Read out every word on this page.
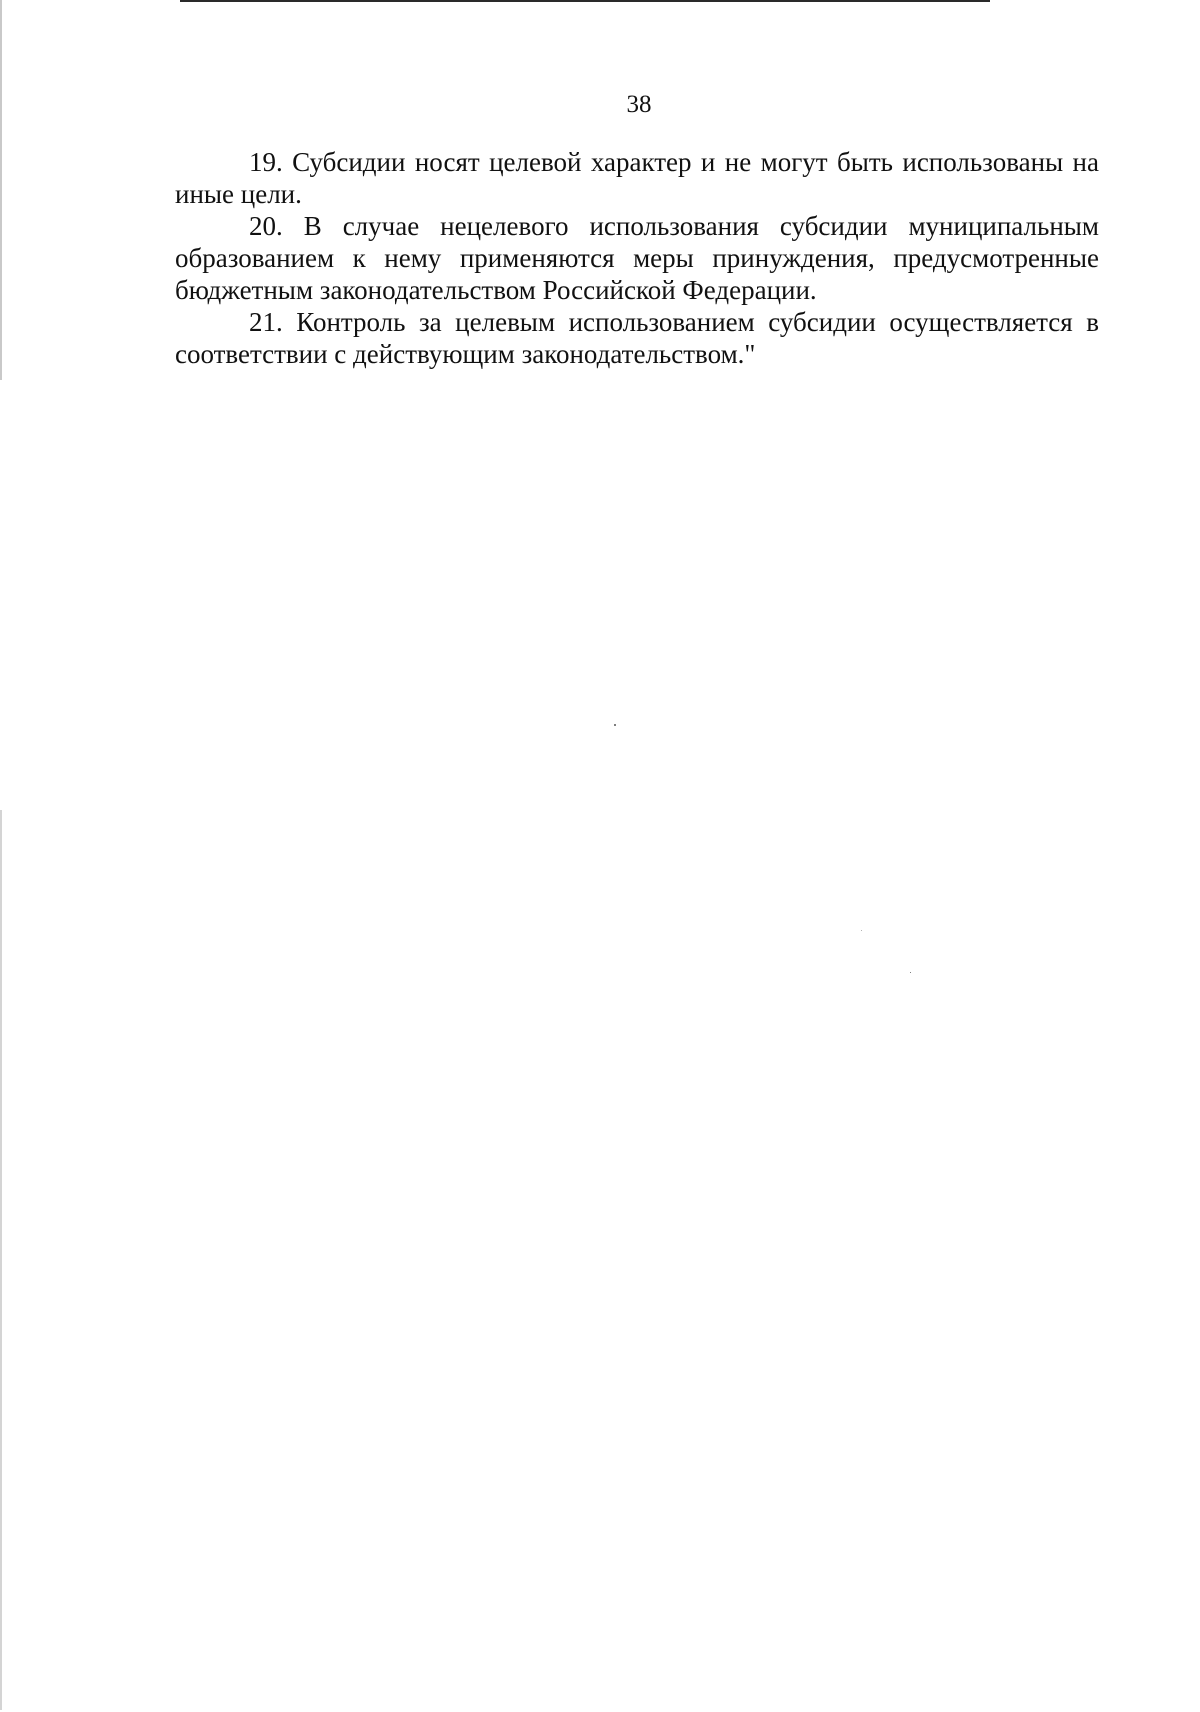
38

19. Субсидии носят целевой характер и не могут быть использованы на иные цели.

20. В случае нецелевого использования субсидии муниципальным образованием к нему применяются меры принуждения, предусмотренные бюджетным законодательством Российской Федерации.

21. Контроль за целевым использованием субсидии осуществляется в соответствии с действующим законодательством."
